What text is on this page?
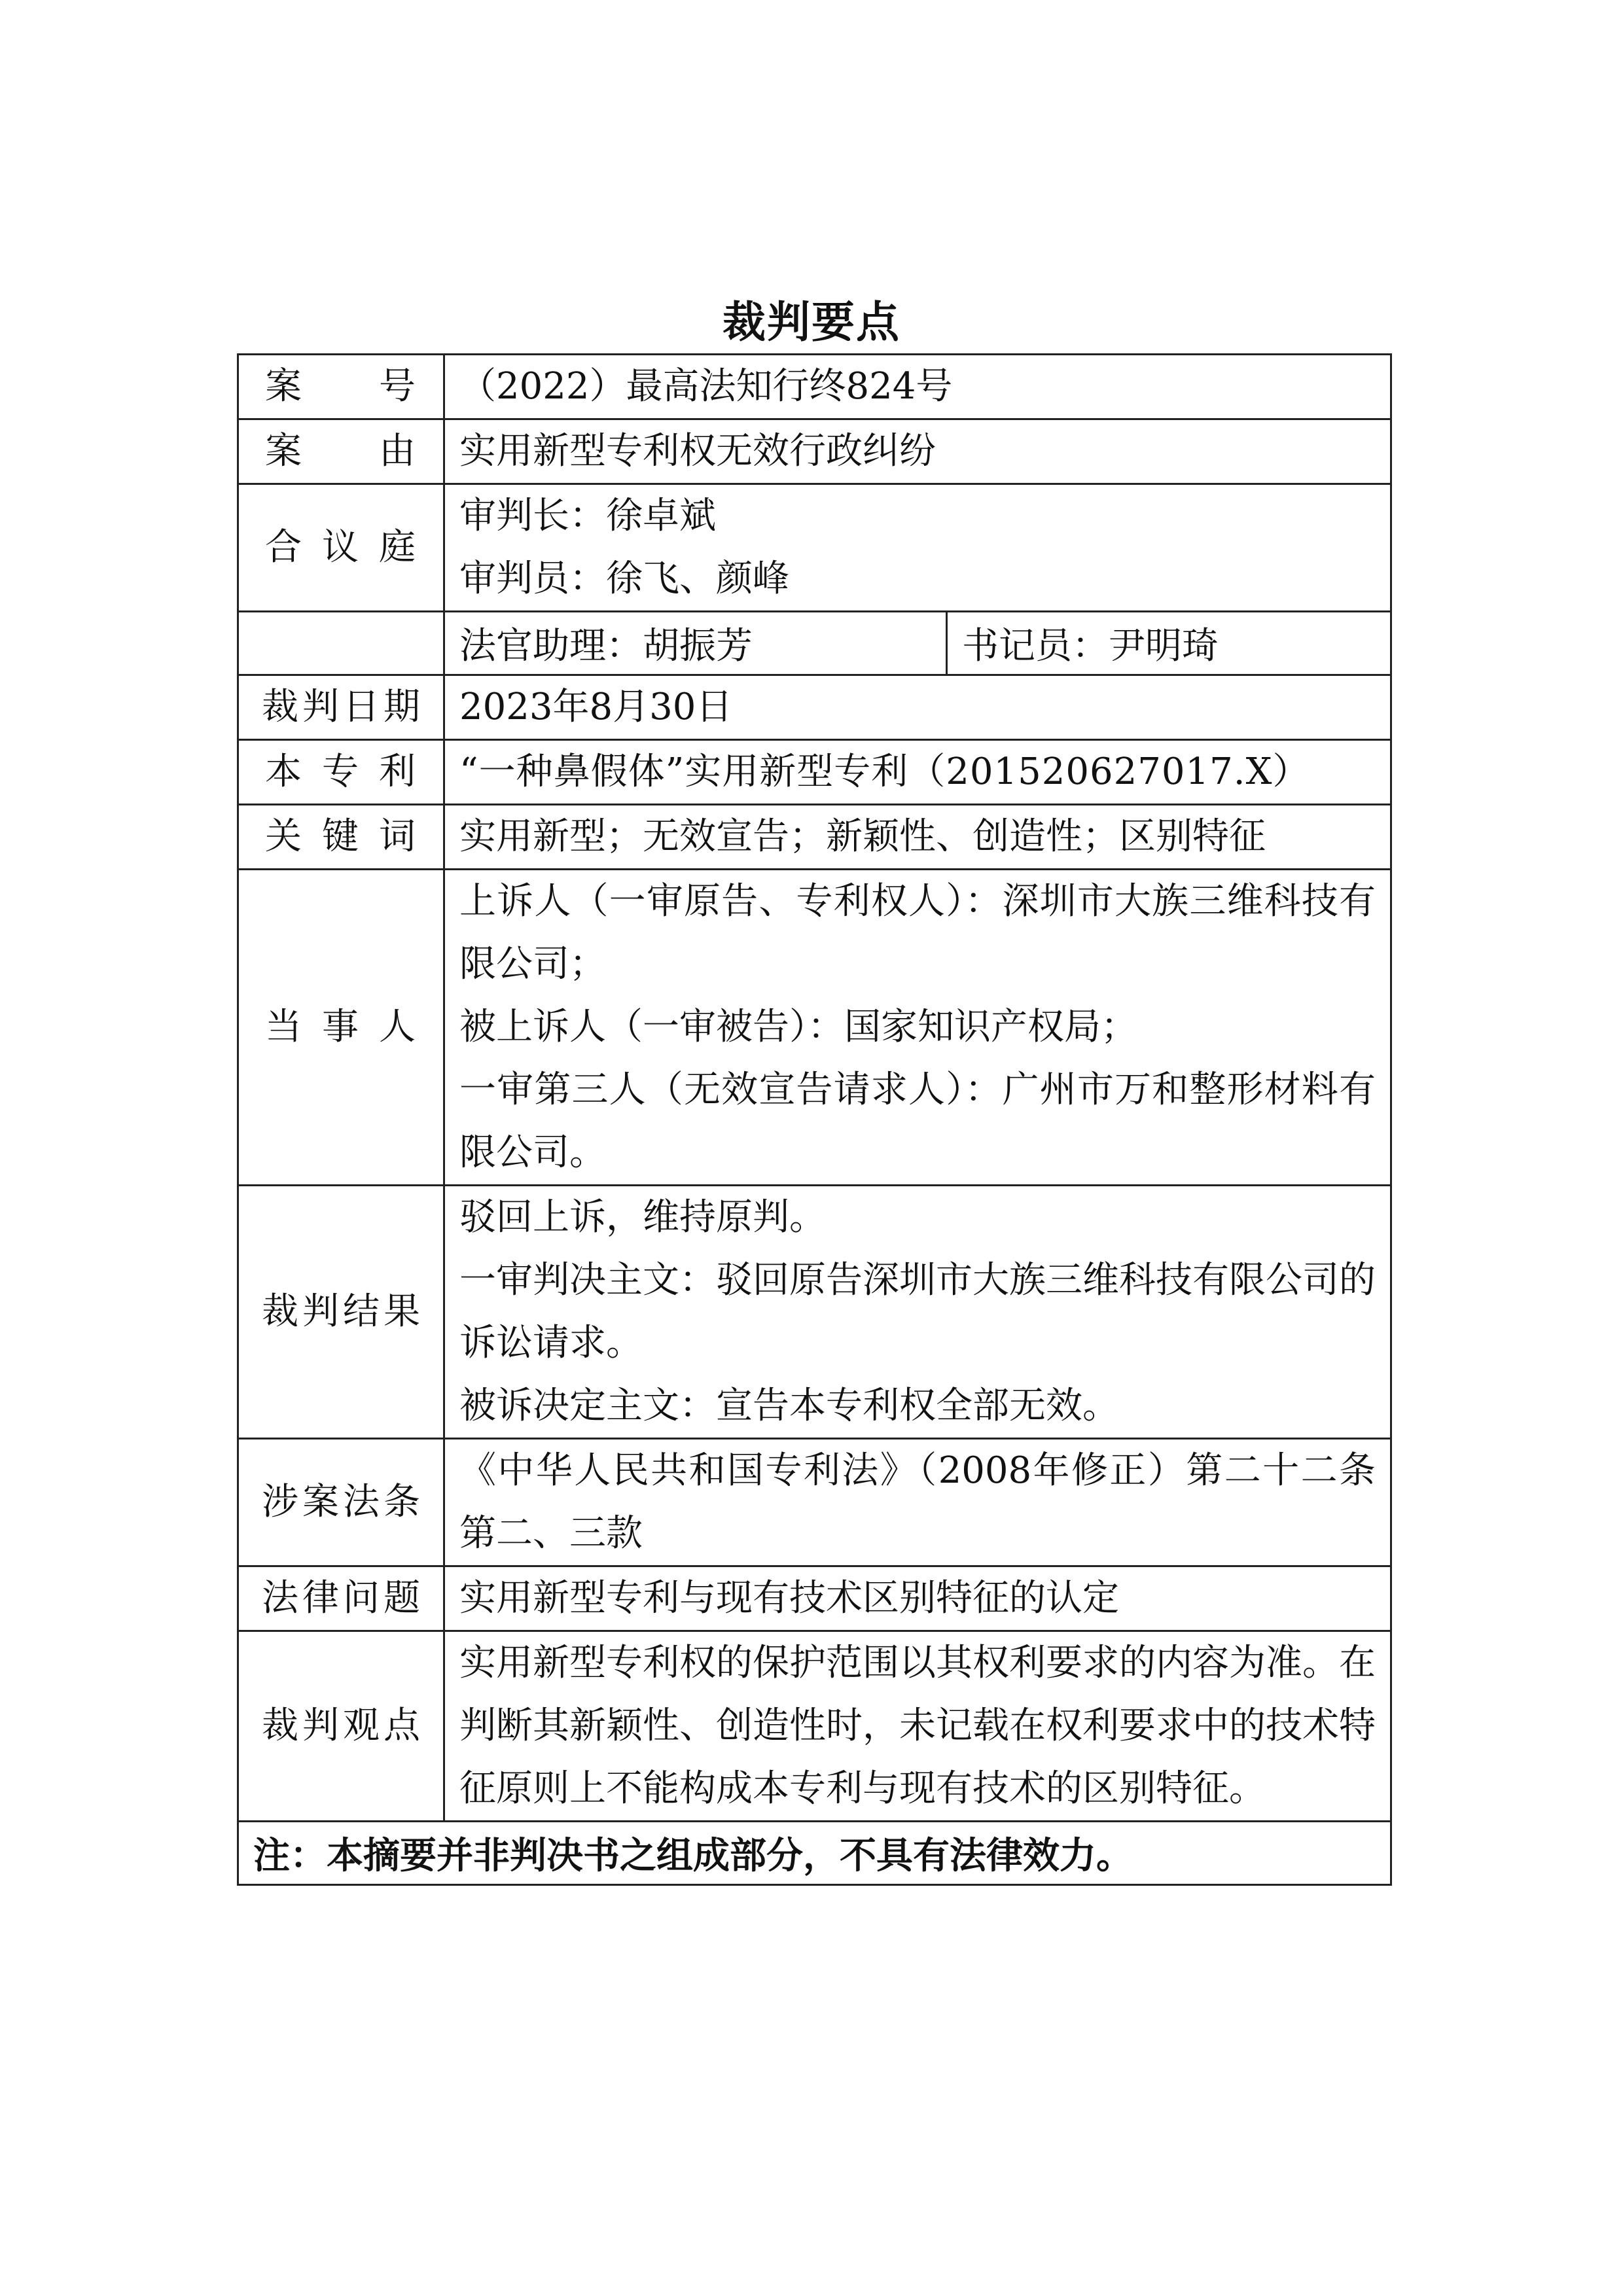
裁判要点
案　　号	（2022）最高法知行终824号	

案　　由	实用新型专利权无效行政纠纷	

合议庭	审判长：徐卓斌
审判员：徐飞、颜峰	

	法官助理：胡振芳	书记员：尹明琦

裁判日期	2023年8月30日	

本专利	“一种鼻假体”实用新型专利（201520627017.X）	

关键词	实用新型；无效宣告；新颖性、创造性；区别特征	

当事人	上诉人（一审原告、专利权人）：深圳市大族三维科技有限公司；
被上诉人（一审被告）：国家知识产权局；
一审第三人（无效宣告请求人）：广州市万和整形材料有限公司。	

裁判结果	驳回上诉，维持原判。
一审判决主文：驳回原告深圳市大族三维科技有限公司的诉讼请求。
被诉决定主文：宣告本专利权全部无效。	

涉案法条	《中华人民共和国专利法》（2008年修正）第二十二条第二、三款	

法律问题	实用新型专利与现有技术区别特征的认定	

裁判观点	实用新型专利权的保护范围以其权利要求的内容为准。在判断其新颖性、创造性时，未记载在权利要求中的技术特征原则上不能构成本专利与现有技术的区别特征。	

注：本摘要并非判决书之组成部分，不具有法律效力。		
